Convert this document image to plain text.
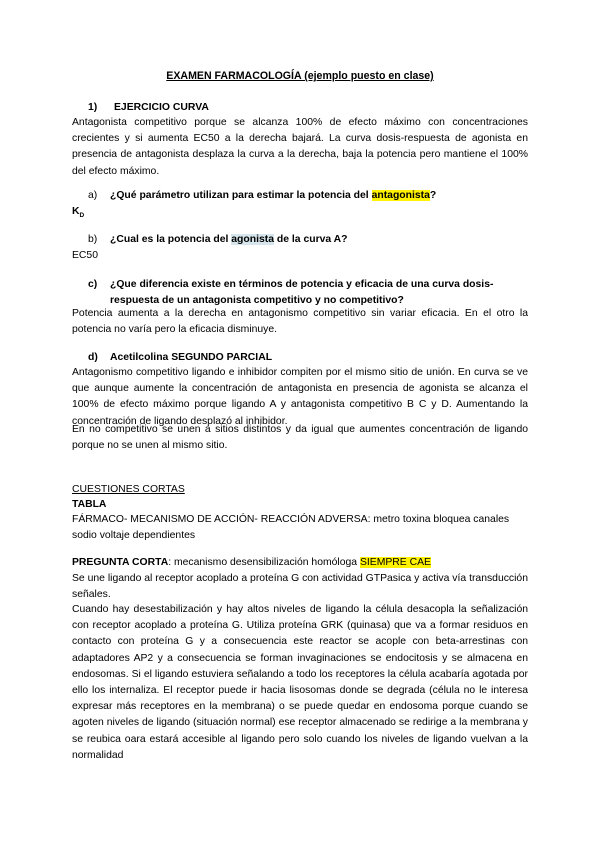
EXAMEN FARMACOLOGÍA (ejemplo puesto en clase)
1) EJERCICIO CURVA
Antagonista competitivo porque se alcanza 100% de efecto máximo con concentraciones crecientes y si aumenta EC50 a la derecha bajará. La curva dosis-respuesta de agonista en presencia de antagonista desplaza la curva a la derecha, baja la potencia pero mantiene el 100% del efecto máximo.
a) ¿Qué parámetro utilizan para estimar la potencia del antagonista?
$K_D$
b) ¿Cual es la potencia del agonista de la curva A?
EC50
c) ¿Que diferencia existe en términos de potencia y eficacia de una curva dosis-
respuesta de un antagonista competitivo y no competitivo?
Potencia aumenta a la derecha en antagonismo competitivo sin variar eficacia. En el otro la potencia no varía pero la eficacia disminuye.
d) Acetilcolina SEGUNDO PARCIAL
Antagonismo competitivo ligando e inhibidor compiten por el mismo sitio de unión. En curva se ve que aunque aumente la concentración de antagonista en presencia de agonista se alcanza el 100% de efecto máximo porque ligando A y antagonista competitivo B C y D. Aumentando la concentración de ligando desplazó al inhibidor.
En no competitivo se unen a sitios distintos y da igual que aumentes concentración de ligando porque no se unen al mismo sitio.
CUESTIONES CORTAS
TABLA
FÁRMACO- MECANISMO DE ACCIÓN- REACCIÓN ADVERSA: metro toxina bloquea canales sodio voltaje dependientes
PREGUNTA CORTA: mecanismo desensibilización homóloga SIEMPRE CAE
Se une ligando al receptor acoplado a proteína G con actividad GTPasica y activa vía transducción señales.
Cuando hay desestabilización y hay altos niveles de ligando la célula desacopla la señalización con receptor acoplado a proteína G. Utiliza proteína GRK (quinasa) que va a formar residuos en contacto con proteína G y a consecuencia este reactor se acople con beta-arrestinas con adaptadores AP2 y a consecuencia se forman invaginaciones se endocitosis y se almacena en endosomas. Si el ligando estuviera señalando a todo los receptores la célula acabaría agotada por ello los internaliza. El receptor puede ir hacia lisosomas donde se degrada (célula no le interesa expresar más receptores en la membrana) o se puede quedar en endosoma porque cuando se agoten niveles de ligando (situación normal) ese receptor almacenado se redirige a la membrana y se reubica oara estará accesible al ligando pero solo cuando los niveles de ligando vuelvan a la normalidad
